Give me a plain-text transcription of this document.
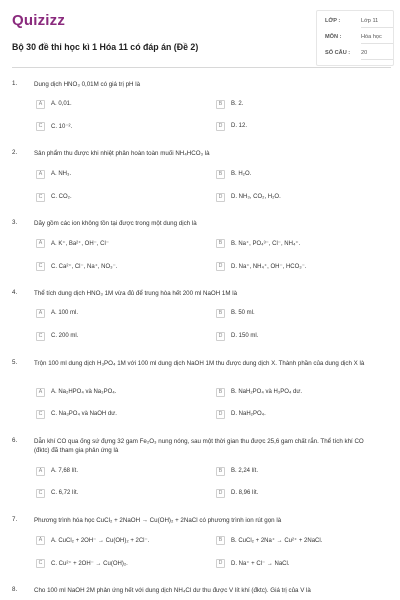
Quizizz
Bộ 30 đề thi học kì 1 Hóa 11 có đáp án (Đề 2)
LỚP :	Lớp 11
MÔN :	Hóa học
SỐ CÂU : 20
1.	Dung dịch HNO₃ 0,01M có giá trị pH là
2.	Sản phẩm thu được khi nhiệt phân hoàn toàn muối NH₄HCO₃ là
3.	Dãy gồm các ion không tồn tại được trong một dung dịch là
4.	Thể tích dung dịch HNO₃ 1M vừa đủ để trung hòa hết 200 ml NaOH 1M là
5.	Trộn 100 ml dung dịch H₃PO₄ 1M với 100 ml dung dịch NaOH 1M thu được dung dịch X. Thành phần của dung dịch X là
6.	Dẫn khí CO qua ống sứ đựng 32 gam Fe₂O₃ nung nóng, sau một thời gian thu được 25,6 gam chất rắn. Thể tích khí CO (đktc) đã tham gia phản ứng là
7.	Phương trình hóa học CuCl₂ + 2NaOH → Cu(OH)₂ + 2NaCl có phương trình ion rút gọn là
8.	Cho 100 ml NaOH 2M phản ứng hết với dung dịch NH₄Cl dư thu được V lít khí (đktc). Giá trị của V là
A	A. 0,01.	B	B. 2.
C	C. 10⁻².	D	D. 12.
A	A. NH₃.	B	B. H₂O.
C	C. CO₂.	D	D. NH₃, CO₂, H₂O.
A	A. K⁺, Ba²⁺, OH⁻, Cl⁻	B	B. Na⁺, PO₄³⁻, Cl⁻, NH₄⁺.
C	C. Ca²⁺, Cl⁻, Na⁺, NO₃⁻.	D	D. Na⁺, NH₄⁺, OH⁻, HCO₃⁻.
A	A. 100 ml.	B	B. 50 ml.
C	C. 200 ml.	D	D. 150 ml.
A	A. Na₂HPO₄ và Na₃PO₄.	B	B. NaH₂PO₄ và H₃PO₄ dư.
C	C. Na₃PO₄ và NaOH dư.	D	D. NaH₂PO₄.
A	A. 7,68 lít.	B	B. 2,24 lít.
C	C. 6,72 lít.	D	D. 8,96 lít.
A	A. CuCl₂ + 2OH⁻ → Cu(OH)₂ + 2Cl⁻.	B	B. CuCl₂ + 2Na⁺ → Cu²⁺ + 2NaCl.
C	C. Cu²⁺ + 2OH⁻ → Cu(OH)₂.	D	D. Na⁺ + Cl⁻ → NaCl.
